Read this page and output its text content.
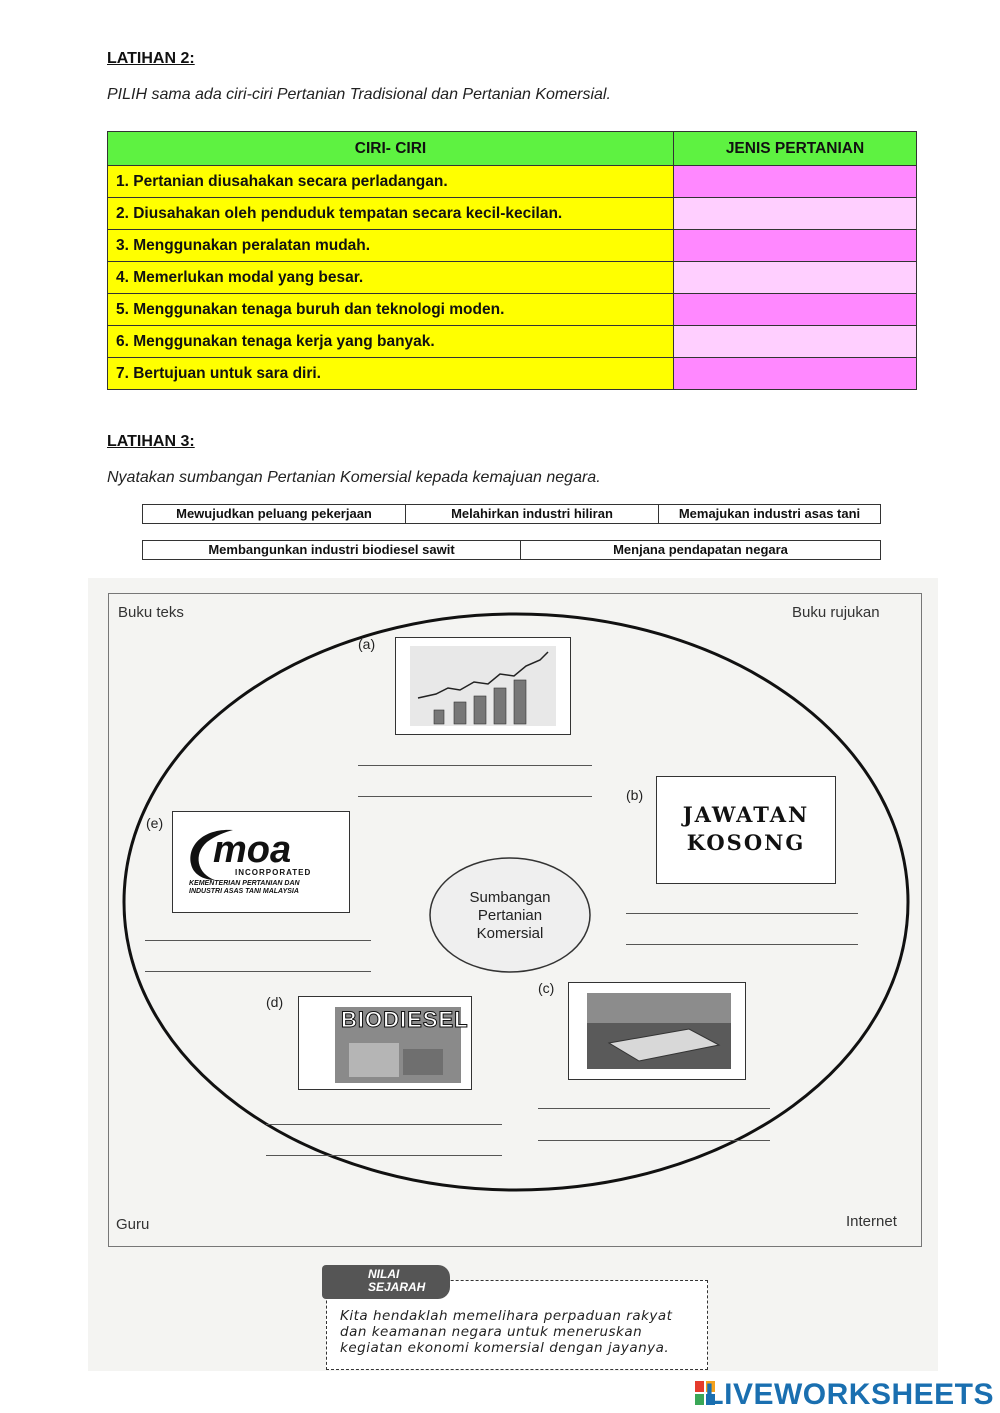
LATIHAN 2:
PILIH sama ada ciri-ciri Pertanian Tradisional dan Pertanian Komersial.
CIRI- CIRI	JENIS PERTANIAN
1. Pertanian diusahakan secara perladangan.	

2. Diusahakan oleh penduduk tempatan secara kecil-kecilan.	

3. Menggunakan peralatan mudah.	

4. Memerlukan modal yang besar.	

5. Menggunakan tenaga buruh dan teknologi moden.	

6. Menggunakan tenaga kerja yang banyak.	

7. Bertujuan untuk sara diri.	
LATIHAN 3:
Nyatakan sumbangan Pertanian Komersial kepada kemajuan negara.
Mewujudkan peluang pekerjaan	Melahirkan industri hiliran	Memajukan industri asas tani
Membangunkan industri biodiesel sawit	Menjana pendapatan negara
Buku teks	Buku rujukan
Guru	Internet
Sumbangan
Pertanian
Komersial
(a)
(b)
JAWATAN
KOSONG
(e)
moa
INCORPORATED
KEMENTERIAN PERTANIAN DAN
INDUSTRI ASAS TANI MALAYSIA
(d)
BIODIESEL
(c)
NILAI
SEJARAH
Kita hendaklah memelihara perpaduan rakyat
dan keamanan negara untuk meneruskan
kegiatan ekonomi komersial dengan jayanya.
LIVEWORKSHEETS
